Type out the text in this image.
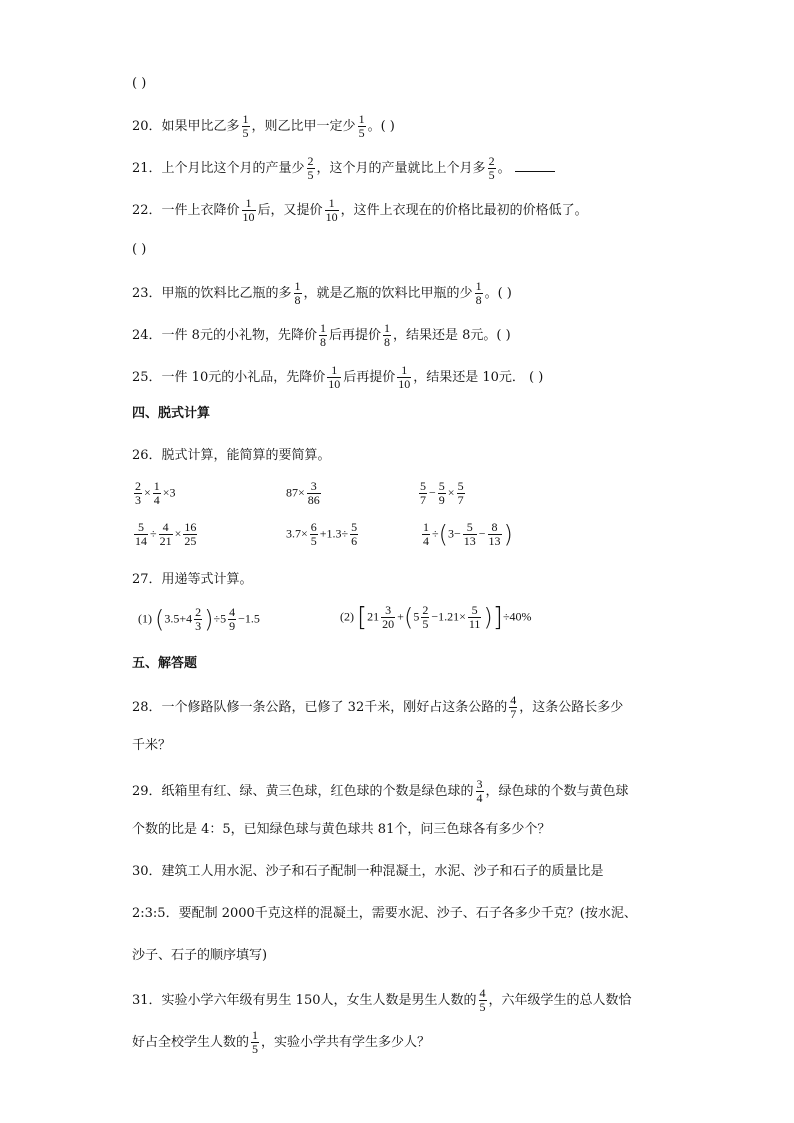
( )
20．如果甲比乙多 $\frac{1}{5}$ ，则乙比甲一定少 $\frac{1}{5}$ 。( )
21．上个月比这个月的产量少 $\frac{2}{5}$ ，这个月的产量就比上个月多 $\frac{2}{5}$ 。
22．一件上衣降价 $\frac{1}{10}$ 后，又提价 $\frac{1}{10}$ ，这件上衣现在的价格比最初的价格低了。
( )
23．甲瓶的饮料比乙瓶的多 $\frac{1}{8}$ ，就是乙瓶的饮料比甲瓶的少 $\frac{1}{8}$ 。( )
24．一件 8元的小礼物，先降价 $\frac{1}{8}$ 后再提价 $\frac{1}{8}$ ，结果还是 8元。( )
25．一件 10元的小礼品，先降价 $\frac{1}{10}$ 后再提价 $\frac{1}{10}$ ，结果还是 10元． ( )
四、脱式计算
26．脱式计算，能简算的要简算。
$\frac{2}{3} \times \frac{1}{4} \times 3$	$87\times \frac{3}{86}$	$\frac{5}{7} - \frac{5}{9} \times \frac{5}{7}$
$\frac{5}{14} \div \frac{4}{21} \times \frac{16}{25}$	$3.7\times \frac{6}{5} +1.3\div \frac{5}{6}$	$\frac{1}{4} \div(3- \frac{5}{13} - \frac{8}{13}$ )
27．用递等式计算。
(1) $(3.5+4 \frac{2}{3} )\div 5 \frac{4}{9} -1.5$	(2) $[21 \frac{3}{20} +(5 \frac{2}{5} -1.21\times \frac{5}{11} )]\div 40\%$
五、解答题
28．一个修路队修一条公路，已修了 32千米，刚好占这条公路的 $\frac{4}{7}$ ，这条公路长多少
千米？
29．纸箱里有红、绿、黄三色球，红色球的个数是绿色球的 $\frac{3}{4}$ ，绿色球的个数与黄色球
个数的比是 4：5，已知绿色球与黄色球共 81个，问三色球各有多少个？
30．建筑工人用水泥、沙子和石子配制一种混凝土，水泥、沙子和石子的质量比是
2:3:5．要配制 2000千克这样的混凝土，需要水泥、沙子、石子各多少千克？(按水泥、
沙子、石子的顺序填写)
31．实验小学六年级有男生 150人，女生人数是男生人数的 $\frac{4}{5}$ ，六年级学生的总人数恰
好占全校学生人数的 $\frac{1}{5}$ ，实验小学共有学生多少人？
